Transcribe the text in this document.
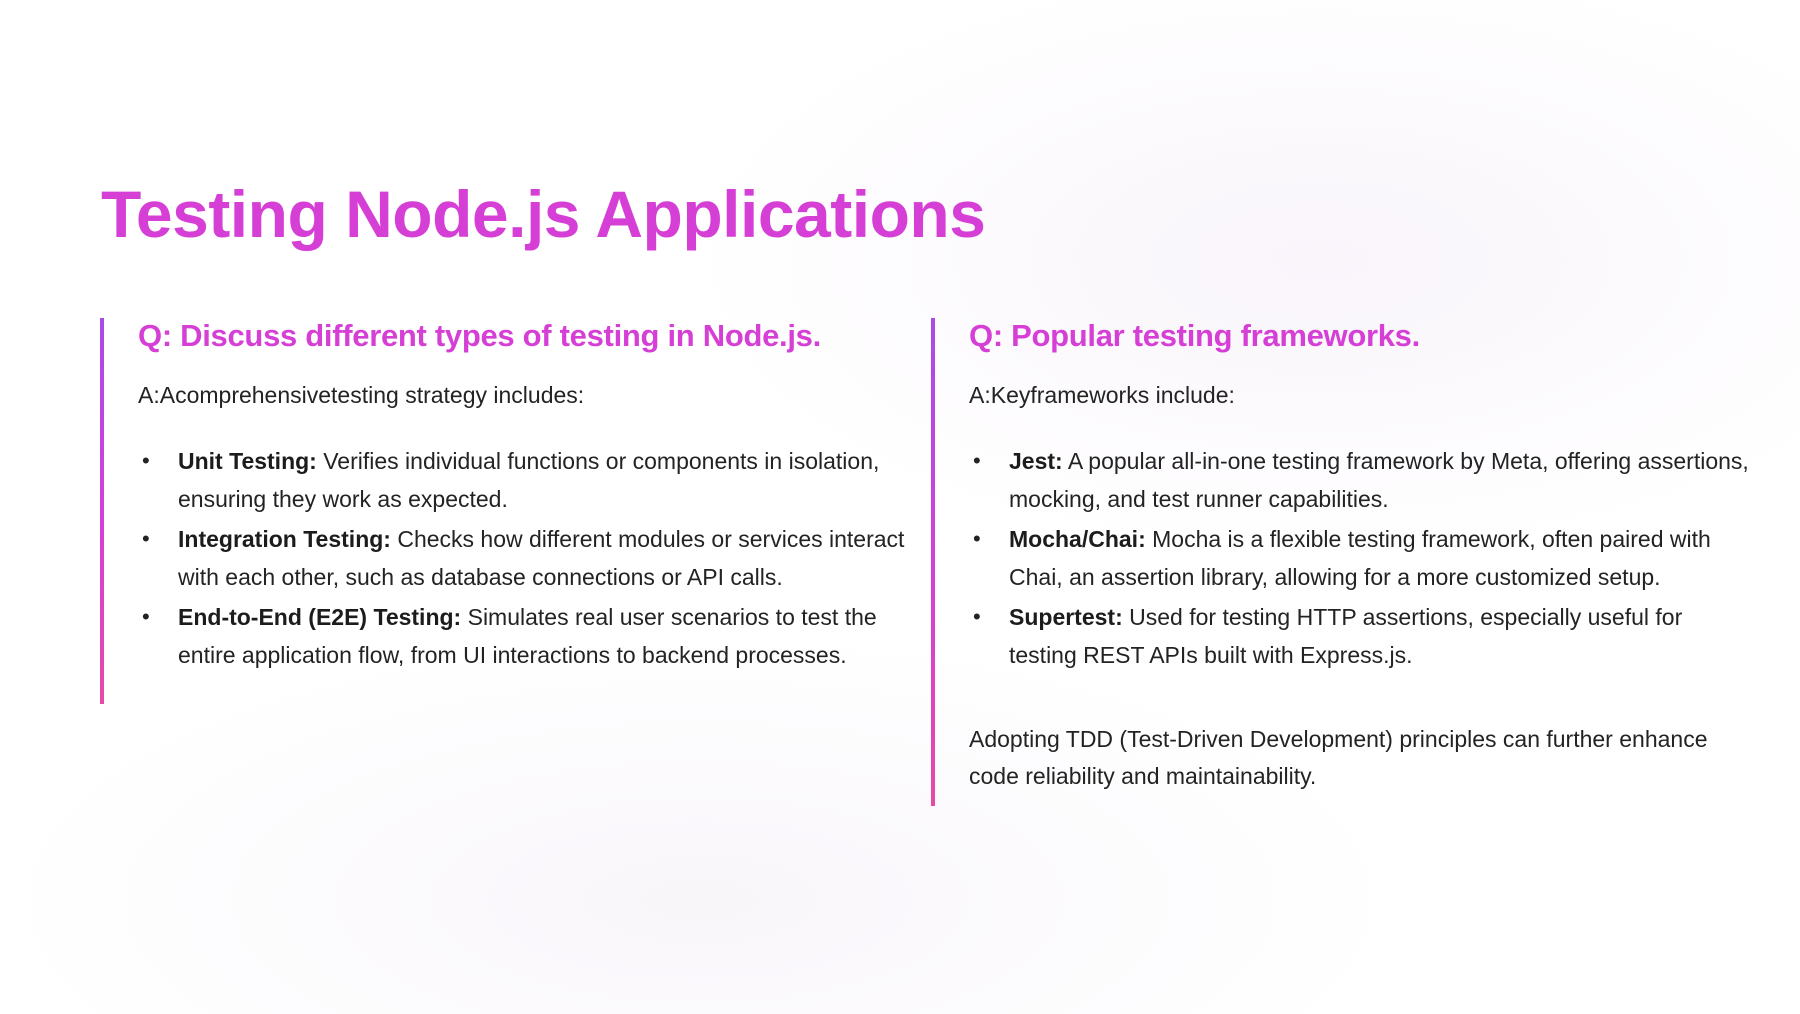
Testing Node.js Applications
Q: Discuss different types of testing in Node.js.

A:Acomprehensivetesting strategy includes:

• Unit Testing: Verifies individual functions or components in isolation, ensuring they work as expected.
• Integration Testing: Checks how different modules or services interact with each other, such as database connections or API calls.
• End-to-End (E2E) Testing: Simulates real user scenarios to test the entire application flow, from UI interactions to backend processes.
Q: Popular testing frameworks.

A:Keyframeworks include:

• Jest: A popular all-in-one testing framework by Meta, offering assertions, mocking, and test runner capabilities.
• Mocha/Chai: Mocha is a flexible testing framework, often paired with Chai, an assertion library, allowing for a more customized setup.
• Supertest: Used for testing HTTP assertions, especially useful for testing REST APIs built with Express.js.

Adopting TDD (Test-Driven Development) principles can further enhance code reliability and maintainability.
